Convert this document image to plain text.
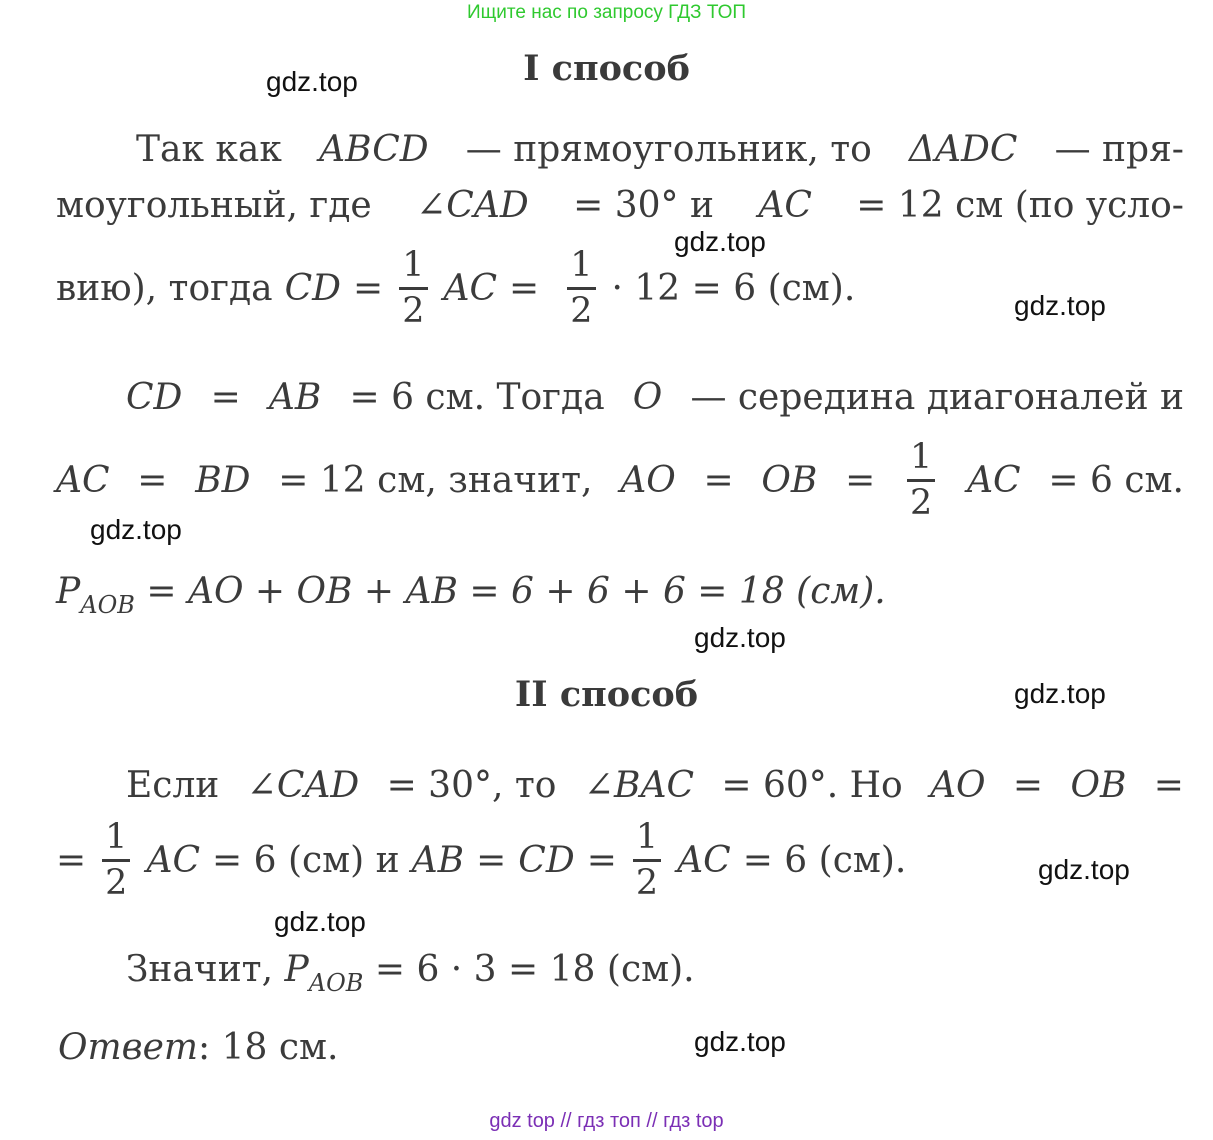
Ищите нас по запросу ГДЗ ТОП
gdz.top
gdz.top
gdz.top
gdz.top
gdz.top
gdz.top
gdz.top
gdz.top
gdz.top
I способ
Так как ABCD — прямоугольник, то ΔADC — пря-
моугольный, где ∠CAD = 30° и AC = 12 см (по усло-
вию), тогда CD = $\frac{1}{2}$ AC = $\frac{1}{2} \cdot 12 = 6$ (см).
CD = AB = 6 см. Тогда O — середина диагоналей и
AC = BD = 12 см, значит, AO = OB = $\frac{1}{2}$ AC = 6 см.
$P_{AOB}$ = AO + OB + AB = 6 + 6 + 6 = 18 (см).
II способ
Если ∠CAD = 30°, то ∠BAC = 60°. Но AO = OB =
= $\frac{1}{2}$ AC = 6 (см) и AB = CD = $\frac{1}{2}$ AC = 6 (см).
Значит, $P_{AOB} = 6 \cdot 3 = 18$ (см).
Ответ: 18 см.
gdz top // гдз топ // гдз top
